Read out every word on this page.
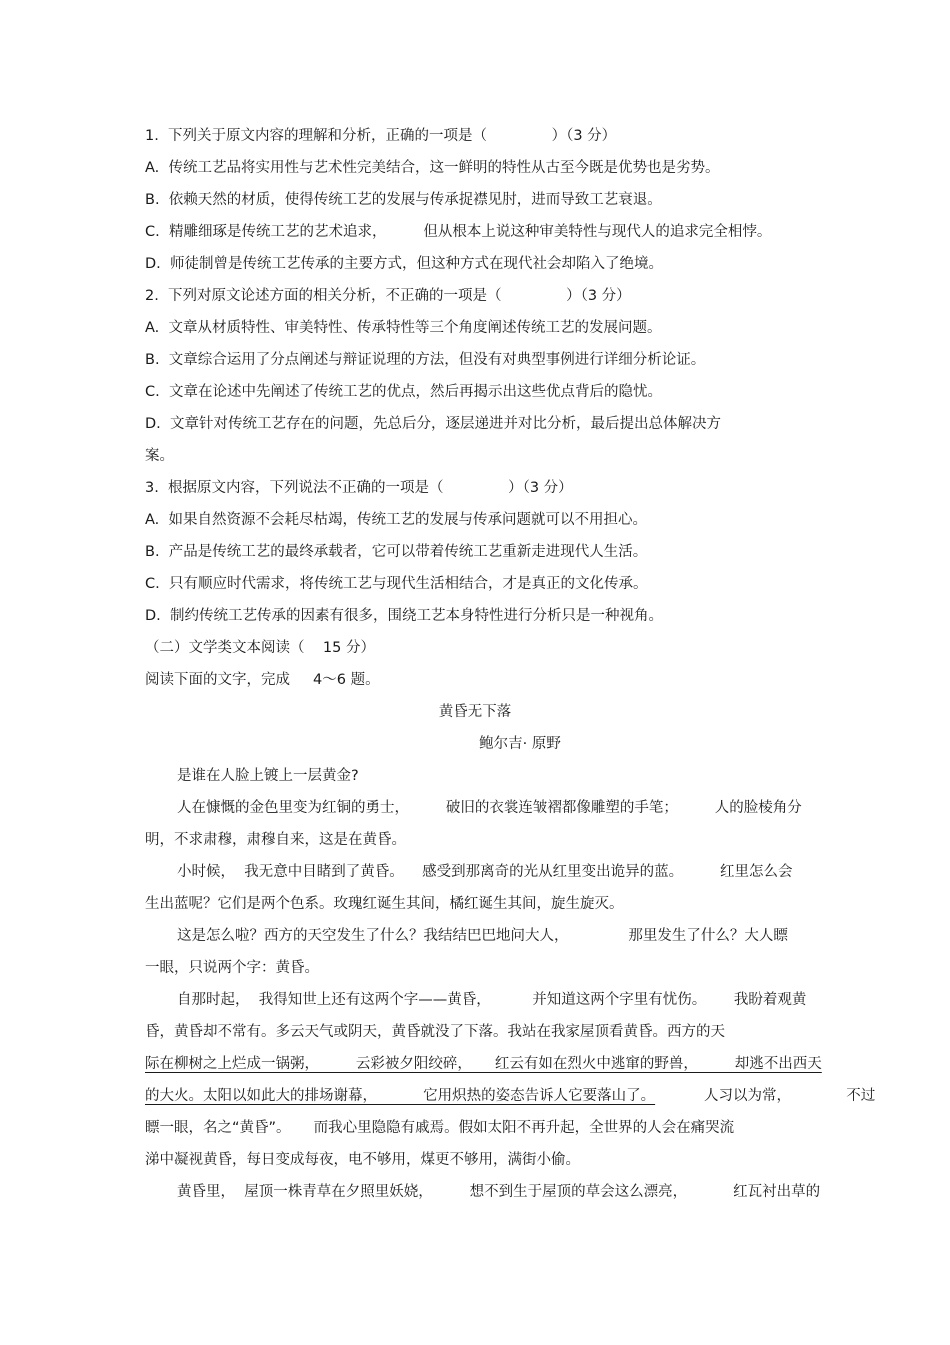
1.  下列关于原文内容的理解和分析，正确的一项是（              ）（3 分）
A.  传统工艺品将实用性与艺术性完美结合，这一鲜明的特性从古至今既是优势也是劣势。
B.  依赖天然的材质，使得传统工艺的发展与传承捉襟见肘，进而导致工艺衰退。
C.  精雕细琢是传统工艺的艺术追求，        但从根本上说这种审美特性与现代人的追求完全相悖。
D.  师徒制曾是传统工艺传承的主要方式，但这种方式在现代社会却陷入了绝境。
2.  下列对原文论述方面的相关分析，不正确的一项是（              ）（3 分）
A.  文章从材质特性、审美特性、传承特性等三个角度阐述传统工艺的发展问题。
B.  文章综合运用了分点阐述与辩证说理的方法，但没有对典型事例进行详细分析论证。
C.  文章在论述中先阐述了传统工艺的优点，然后再揭示出这些优点背后的隐忧。
D.  文章针对传统工艺存在的问题，先总后分，逐层递进并对比分析，最后提出总体解决方
案。
3.  根据原文内容，下列说法不正确的一项是（              ）（3 分）
A.  如果自然资源不会耗尽枯竭，传统工艺的发展与传承问题就可以不用担心。
B.  产品是传统工艺的最终承载者，它可以带着传统工艺重新走进现代人生活。
C.  只有顺应时代需求，将传统工艺与现代生活相结合，才是真正的文化传承。
D.  制约传统工艺传承的因素有很多，围绕工艺本身特性进行分析只是一种视角。
（二）文学类文本阅读（    15 分）
阅读下面的文字，完成     4～6 题。
黄昏无下落
鲍尔吉· 原野
是谁在人脸上镀上一层黄金?
人在慷慨的金色里变为红铜的勇士，        破旧的衣裳连皱褶都像雕塑的手笔；        人的脸棱角分
明，不求肃穆，肃穆自来，这是在黄昏。
小时候，  我无意中目睹到了黄昏。    感受到那离奇的光从红里变出诡异的蓝。        红里怎么会
生出蓝呢？它们是两个色系。玫瑰红诞生其间，橘红诞生其间，旋生旋灭。
这是怎么啦？西方的天空发生了什么？我结结巴巴地问大人，             那里发生了什么？大人瞟
一眼，只说两个字：黄昏。
自那时起，  我得知世上还有这两个字——黄昏，         并知道这两个字里有忧伤。      我盼着观黄
昏，黄昏却不常有。多云天气或阴天，黄昏就没了下落。我站在我家屋顶看黄昏。西方的天
际在柳树之上烂成一锅粥，        云彩被夕阳绞碎，     红云有如在烈火中逃窜的野兽，        却逃不出西天
的大火。太阳以如此大的排场谢幕，          它用炽热的姿态告诉人它要落山了。	人习以为常，            不过
瞟一眼，名之“黄昏”。     而我心里隐隐有戚焉。假如太阳不再升起，全世界的人会在痛哭流
涕中凝视黄昏，每日变成每夜，电不够用，煤更不够用，满街小偷。
黄昏里，  屋顶一株青草在夕照里妖娆，        想不到生于屋顶的草会这么漂亮，          红瓦衬出草的
